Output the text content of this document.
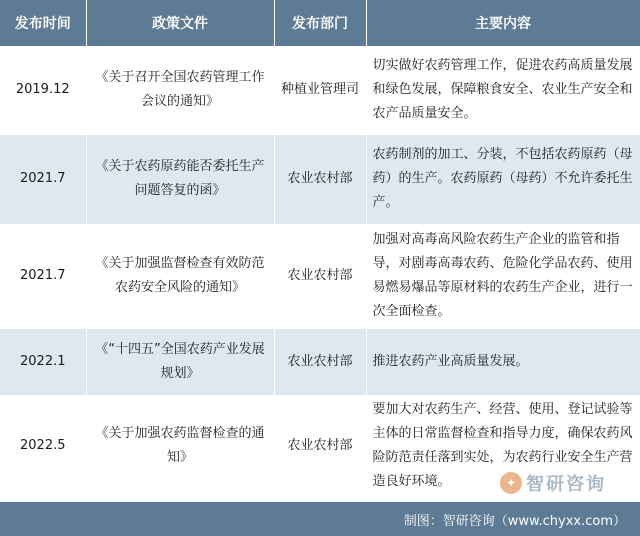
发布时间	政策文件	发布部门	主要内容
2019.12	《关于召开全国农药管理工作会议的通知》	种植业管理司	切实做好农药管理工作，促进农药高质量发展和绿色发展，保障粮食安全、农业生产安全和农产品质量安全。
2021.7	《关于农药原药能否委托生产问题答复的函》	农业农村部	农药制剂的加工、分装，不包括农药原药（母药）的生产。农药原药（母药）不允许委托生产。
2021.7	《关于加强监督检查有效防范农药安全风险的通知》	农业农村部	加强对高毒高风险农药生产企业的监管和指导，对剧毒高毒农药、危险化学品农药、使用易燃易爆品等原材料的农药生产企业，进行一次全面检查。
2022.1	《“十四五”全国农药产业发展规划》	农业农村部	推进农药产业高质量发展。
2022.5	《关于加强农药监督检查的通知》	农业农村部	要加大对农药生产、经营、使用、登记试验等主体的日常监督检查和指导力度，确保农药风险防范责任落到实处，为农药行业安全生产营造良好环境。	✦ 智研咨询
制图：智研咨询（www.chyxx.com）
